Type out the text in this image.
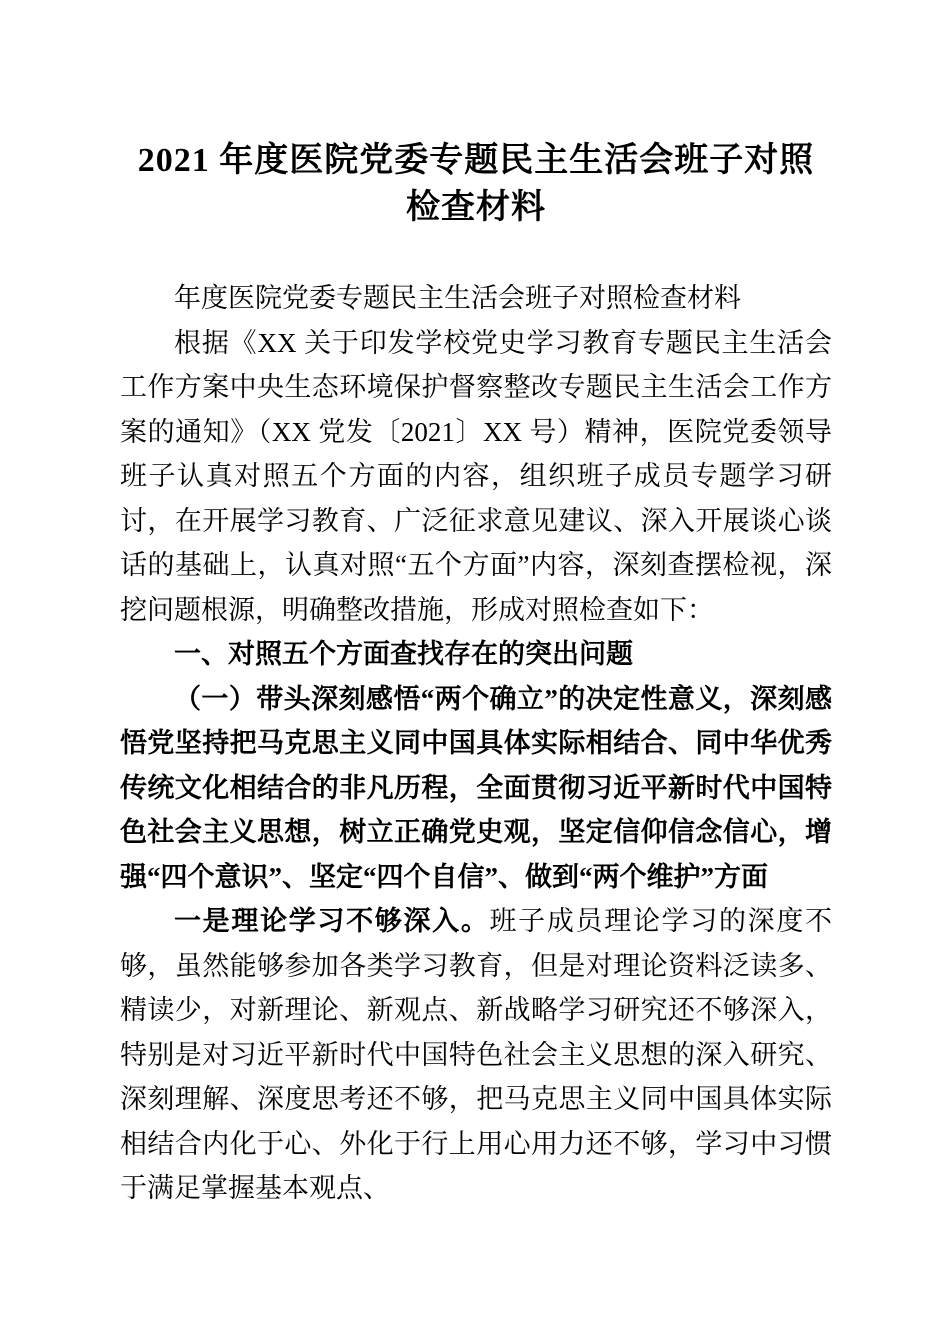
2021 年度医院党委专题民主生活会班子对照
检查材料

年度医院党委专题民主生活会班子对照检查材料

根据《XX 关于印发学校党史学习教育专题民主生活会工作方案中央生态环境保护督察整改专题民主生活会工作方案的通知》（XX 党发〔2021〕XX 号）精神，医院党委领导班子认真对照五个方面的内容，组织班子成员专题学习研讨，在开展学习教育、广泛征求意见建议、深入开展谈心谈话的基础上，认真对照“五个方面”内容，深刻查摆检视，深挖问题根源，明确整改措施，形成对照检查如下：

一、对照五个方面查找存在的突出问题

（一）带头深刻感悟“两个确立”的决定性意义，深刻感悟党坚持把马克思主义同中国具体实际相结合、同中华优秀传统文化相结合的非凡历程，全面贯彻习近平新时代中国特色社会主义思想，树立正确党史观，坚定信仰信念信心，增强“四个意识”、坚定“四个自信”、做到“两个维护”方面

一是理论学习不够深入。班子成员理论学习的深度不够，虽然能够参加各类学习教育，但是对理论资料泛读多、精读少，对新理论、新观点、新战略学习研究还不够深入，特别是对习近平新时代中国特色社会主义思想的深入研究、深刻理解、深度思考还不够，把马克思主义同中国具体实际相结合内化于心、外化于行上用心用力还不够，学习中习惯于满足掌握基本观点、
